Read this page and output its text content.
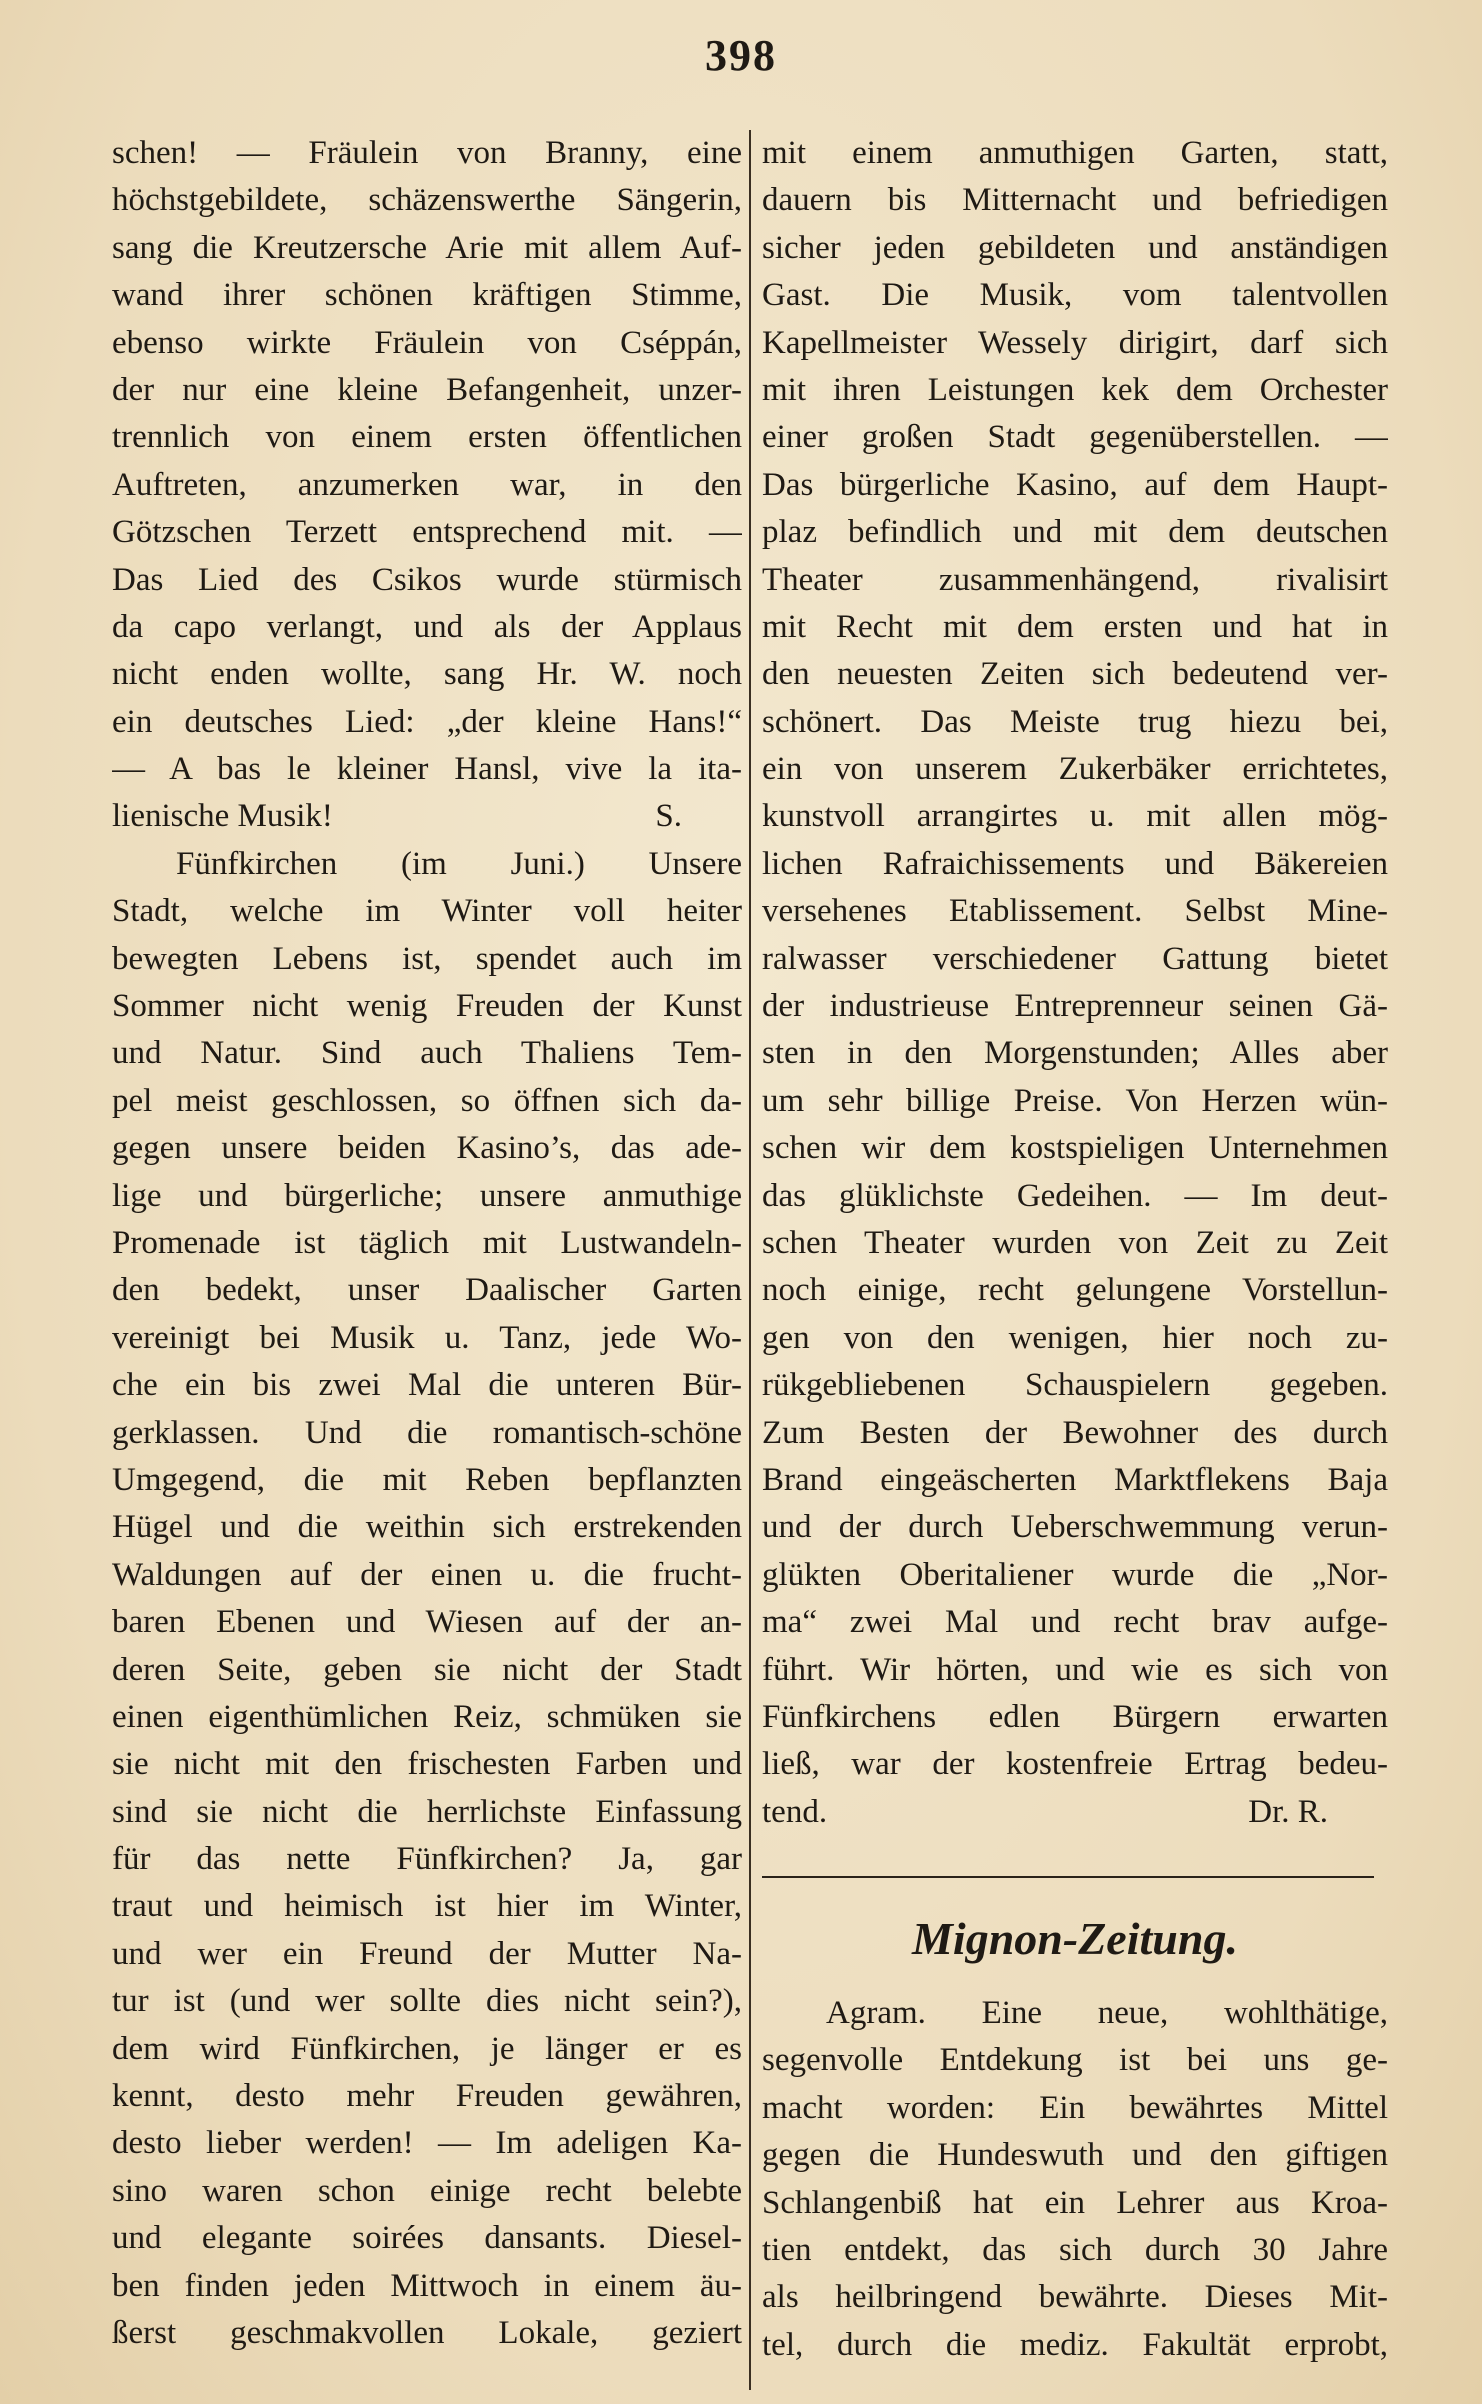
398
schen! — Fräulein von Branny, eine
höchstgebildete, schäzenswerthe Sängerin,
sang die Kreutzersche Arie mit allem Auf-
wand ihrer schönen kräftigen Stimme,
ebenso wirkte Fräulein von Cséppán,
der nur eine kleine Befangenheit, unzer-
trennlich von einem ersten öffentlichen
Auftreten, anzumerken war, in den
Götzschen Terzett entsprechend mit. —
Das Lied des Csikos wurde stürmisch
da capo verlangt, und als der Applaus
nicht enden wollte, sang Hr. W. noch
ein deutsches Lied: „der kleine Hans!“
— A bas le kleiner Hansl, vive la ita-
lienische Musik!	S.
Fünfkirchen (im Juni.) Unsere
Stadt, welche im Winter voll heiter
bewegten Lebens ist, spendet auch im
Sommer nicht wenig Freuden der Kunst
und Natur. Sind auch Thaliens Tem-
pel meist geschlossen, so öffnen sich da-
gegen unsere beiden Kasino’s, das ade-
lige und bürgerliche; unsere anmuthige
Promenade ist täglich mit Lustwandeln-
den bedekt, unser Daalischer Garten
vereinigt bei Musik u. Tanz, jede Wo-
che ein bis zwei Mal die unteren Bür-
gerklassen. Und die romantisch-schöne
Umgegend, die mit Reben bepflanzten
Hügel und die weithin sich erstrekenden
Waldungen auf der einen u. die frucht-
baren Ebenen und Wiesen auf der an-
deren Seite, geben sie nicht der Stadt
einen eigenthümlichen Reiz, schmüken sie
sie nicht mit den frischesten Farben und
sind sie nicht die herrlichste Einfassung
für das nette Fünfkirchen? Ja, gar
traut und heimisch ist hier im Winter,
und wer ein Freund der Mutter Na-
tur ist (und wer sollte dies nicht sein?),
dem wird Fünfkirchen, je länger er es
kennt, desto mehr Freuden gewähren,
desto lieber werden! — Im adeligen Ka-
sino waren schon einige recht belebte
und elegante soirées dansants. Diesel-
ben finden jeden Mittwoch in einem äu-
ßerst geschmakvollen Lokale, geziert
mit einem anmuthigen Garten, statt,
dauern bis Mitternacht und befriedigen
sicher jeden gebildeten und anständigen
Gast. Die Musik, vom talentvollen
Kapellmeister Wessely dirigirt, darf sich
mit ihren Leistungen kek dem Orchester
einer großen Stadt gegenüberstellen. —
Das bürgerliche Kasino, auf dem Haupt-
plaz befindlich und mit dem deutschen
Theater zusammenhängend, rivalisirt
mit Recht mit dem ersten und hat in
den neuesten Zeiten sich bedeutend ver-
schönert. Das Meiste trug hiezu bei,
ein von unserem Zukerbäker errichtetes,
kunstvoll arrangirtes u. mit allen mög-
lichen Rafraichissements und Bäkereien
versehenes Etablissement. Selbst Mine-
ralwasser verschiedener Gattung bietet
der industrieuse Entreprenneur seinen Gä-
sten in den Morgenstunden; Alles aber
um sehr billige Preise. Von Herzen wün-
schen wir dem kostspieligen Unternehmen
das glüklichste Gedeihen. — Im deut-
schen Theater wurden von Zeit zu Zeit
noch einige, recht gelungene Vorstellun-
gen von den wenigen, hier noch zu-
rükgebliebenen Schauspielern gegeben.
Zum Besten der Bewohner des durch
Brand eingeäscherten Marktflekens Baja
und der durch Ueberschwemmung verun-
glükten Oberitaliener wurde die „Nor-
ma“ zwei Mal und recht brav aufge-
führt. Wir hörten, und wie es sich von
Fünfkirchens edlen Bürgern erwarten
ließ, war der kostenfreie Ertrag bedeu-
tend.	Dr. R.
Mignon-Zeitung.
Agram. Eine neue, wohlthätige,
segenvolle Entdekung ist bei uns ge-
macht worden: Ein bewährtes Mittel
gegen die Hundeswuth und den giftigen
Schlangenbiß hat ein Lehrer aus Kroa-
tien entdekt, das sich durch 30 Jahre
als heilbringend bewährte. Dieses Mit-
tel, durch die mediz. Fakultät erprobt,
